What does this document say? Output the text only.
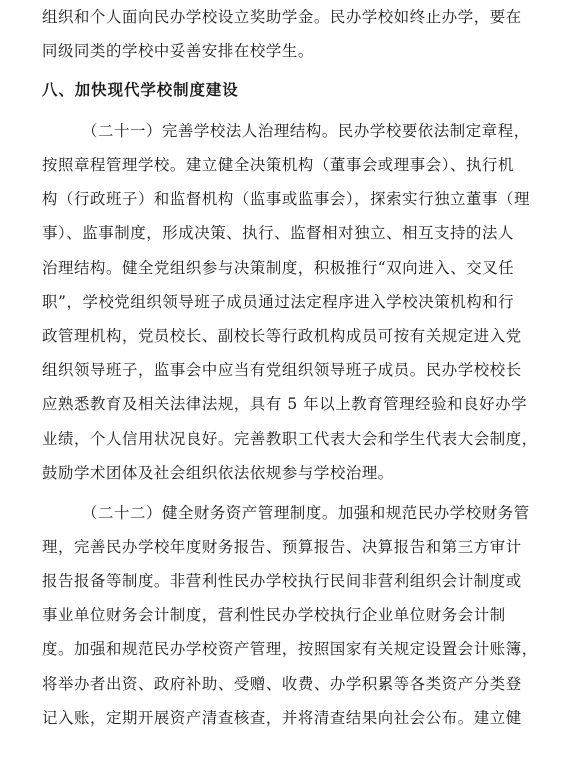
组织和个人面向民办学校设立奖助学金。民办学校如终止办学，要在
同级同类的学校中妥善安排在校学生。
八、加快现代学校制度建设
（二十一）完善学校法人治理结构。民办学校要依法制定章程，
按照章程管理学校。建立健全决策机构（董事会或理事会）、执行机
构（行政班子）和监督机构（监事或监事会），探索实行独立董事（理
事）、监事制度，形成决策、执行、监督相对独立、相互支持的法人
治理结构。健全党组织参与决策制度，积极推行“双向进入、交叉任
职”，学校党组织领导班子成员通过法定程序进入学校决策机构和行
政管理机构，党员校长、副校长等行政机构成员可按有关规定进入党
组织领导班子，监事会中应当有党组织领导班子成员。民办学校校长
应熟悉教育及相关法律法规，具有 5 年以上教育管理经验和良好办学
业绩，个人信用状况良好。完善教职工代表大会和学生代表大会制度，
鼓励学术团体及社会组织依法依规参与学校治理。
（二十二）健全财务资产管理制度。加强和规范民办学校财务管
理，完善民办学校年度财务报告、预算报告、决算报告和第三方审计
报告报备等制度。非营利性民办学校执行民间非营利组织会计制度或
事业单位财务会计制度，营利性民办学校执行企业单位财务会计制
度。加强和规范民办学校资产管理，按照国家有关规定设置会计账簿，
将举办者出资、政府补助、受赠、收费、办学积累等各类资产分类登
记入账，定期开展资产清查核查，并将清查结果向社会公布。建立健
